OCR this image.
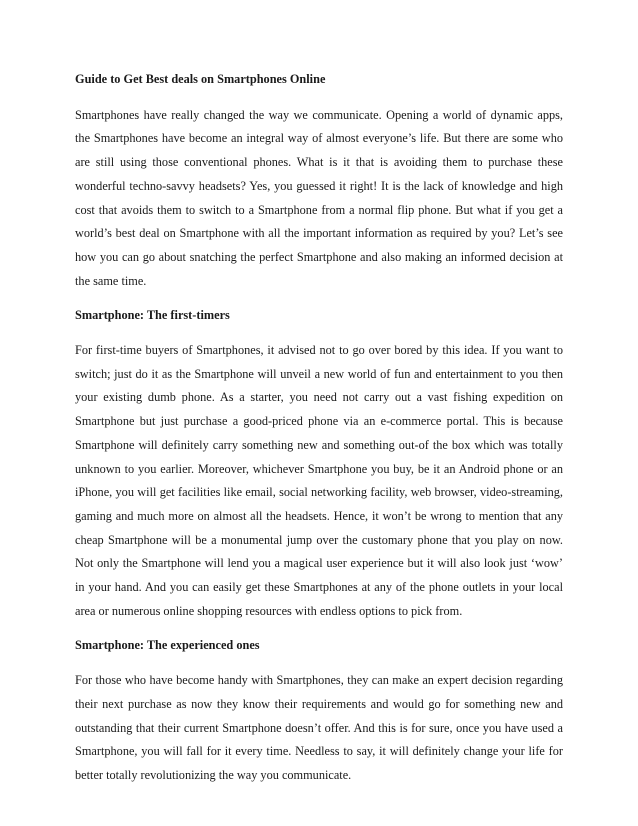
Guide to Get Best deals on Smartphones Online

Smartphones have really changed the way we communicate. Opening a world of dynamic apps, the Smartphones have become an integral way of almost everyone’s life. But there are some who are still using those conventional phones. What is it that is avoiding them to purchase these wonderful techno-savvy headsets? Yes, you guessed it right! It is the lack of knowledge and high cost that avoids them to switch to a Smartphone from a normal flip phone. But what if you get a world’s best deal on Smartphone with all the important information as required by you? Let’s see how you can go about snatching the perfect Smartphone and also making an informed decision at the same time.

Smartphone: The first-timers

For first-time buyers of Smartphones, it advised not to go over bored by this idea. If you want to switch; just do it as the Smartphone will unveil a new world of fun and entertainment to you then your existing dumb phone. As a starter, you need not carry out a vast fishing expedition on Smartphone but just purchase a good-priced phone via an e-commerce portal. This is because Smartphone will definitely carry something new and something out-of the box which was totally unknown to you earlier. Moreover, whichever Smartphone you buy, be it an Android phone or an iPhone, you will get facilities like email, social networking facility, web browser, video-streaming, gaming and much more on almost all the headsets. Hence, it won’t be wrong to mention that any cheap Smartphone will be a monumental jump over the customary phone that you play on now. Not only the Smartphone will lend you a magical user experience but it will also look just ‘wow’ in your hand. And you can easily get these Smartphones at any of the phone outlets in your local area or numerous online shopping resources with endless options to pick from.

Smartphone: The experienced ones

For those who have become handy with Smartphones, they can make an expert decision regarding their next purchase as now they know their requirements and would go for something new and outstanding that their current Smartphone doesn’t offer. And this is for sure, once you have used a Smartphone, you will fall for it every time. Needless to say, it will definitely change your life for better totally revolutionizing the way you communicate.
